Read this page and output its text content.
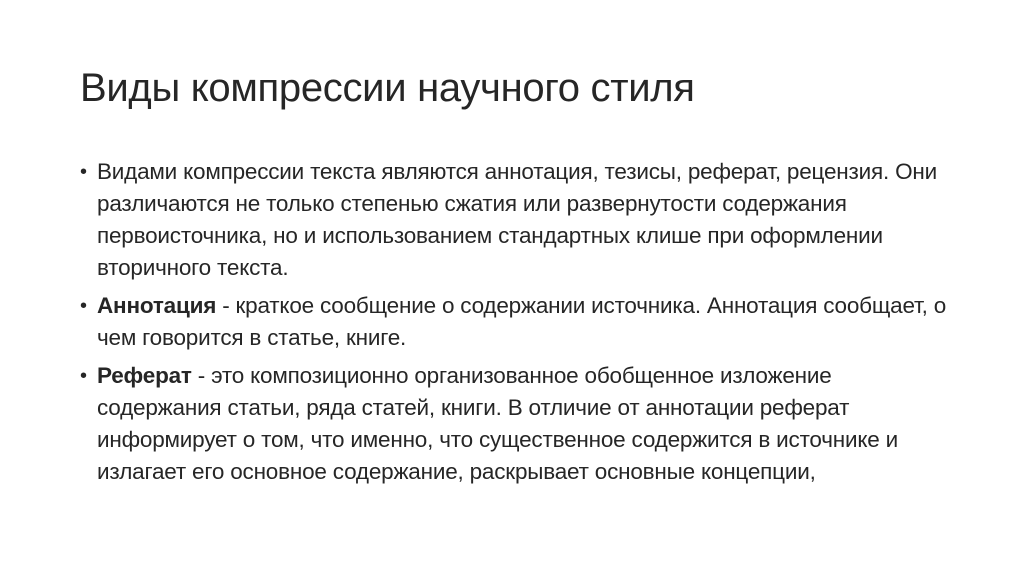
Виды компрессии научного стиля
• Видами компрессии текста являются аннотация, тезисы, реферат, рецензия. Они различаются не только степенью сжатия или развернутости содержания первоисточника, но и использованием стандартных клише при оформлении вторичного текста.
• Аннотация - краткое сообщение о содержании источника. Аннотация сообщает, о чем говорится в статье, книге.
• Реферат - это композиционно организованное обобщенное изложение содержания статьи, ряда статей, книги. В отличие от аннотации реферат информирует о том, что именно, что существенное содержится в источнике и излагает его основное содержание, раскрывает основные концепции,
